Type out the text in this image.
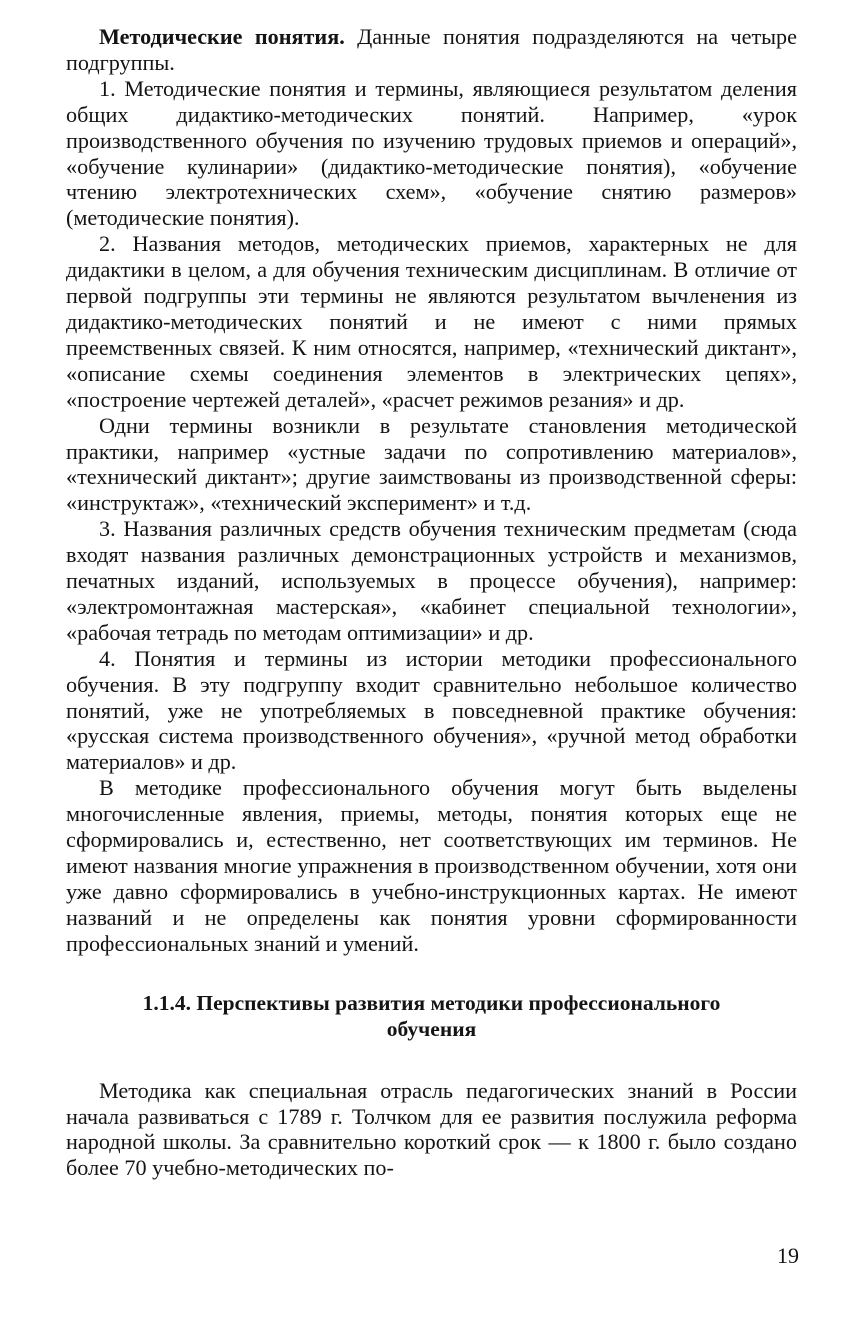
Методические понятия. Данные понятия подразделяются на четыре подгруппы.

1. Методические понятия и термины, являющиеся результатом деления общих дидактико-методических понятий. Например, «урок производственного обучения по изучению трудовых приемов и операций», «обучение кулинарии» (дидактико-методические понятия), «обучение чтению электротехнических схем», «обучение снятию размеров» (методические понятия).

2. Названия методов, методических приемов, характерных не для дидактики в целом, а для обучения техническим дисциплинам. В отличие от первой подгруппы эти термины не являются результатом вычленения из дидактико-методических понятий и не имеют с ними прямых преемственных связей. К ним относятся, например, «технический диктант», «описание схемы соединения элементов в электрических цепях», «построение чертежей деталей», «расчет режимов резания» и др.

Одни термины возникли в результате становления методической практики, например «устные задачи по сопротивлению материалов», «технический диктант»; другие заимствованы из производственной сферы: «инструктаж», «технический эксперимент» и т.д.

3. Названия различных средств обучения техническим предметам (сюда входят названия различных демонстрационных устройств и механизмов, печатных изданий, используемых в процессе обучения), например: «электромонтажная мастерская», «кабинет специальной технологии», «рабочая тетрадь по методам оптимизации» и др.

4. Понятия и термины из истории методики профессионального обучения. В эту подгруппу входит сравнительно небольшое количество понятий, уже не употребляемых в повседневной практике обучения: «русская система производственного обучения», «ручной метод обработки материалов» и др.

В методике профессионального обучения могут быть выделены многочисленные явления, приемы, методы, понятия которых еще не сформировались и, естественно, нет соответствующих им терминов. Не имеют названия многие упражнения в производственном обучении, хотя они уже давно сформировались в учебно-инструкционных картах. Не имеют названий и не определены как понятия уровни сформированности профессиональных знаний и умений.

1.1.4. Перспективы развития методики профессионального обучения

Методика как специальная отрасль педагогических знаний в России начала развиваться с 1789 г. Толчком для ее развития послужила реформа народной школы. За сравнительно короткий срок — к 1800 г. было создано более 70 учебно-методических по-

19
